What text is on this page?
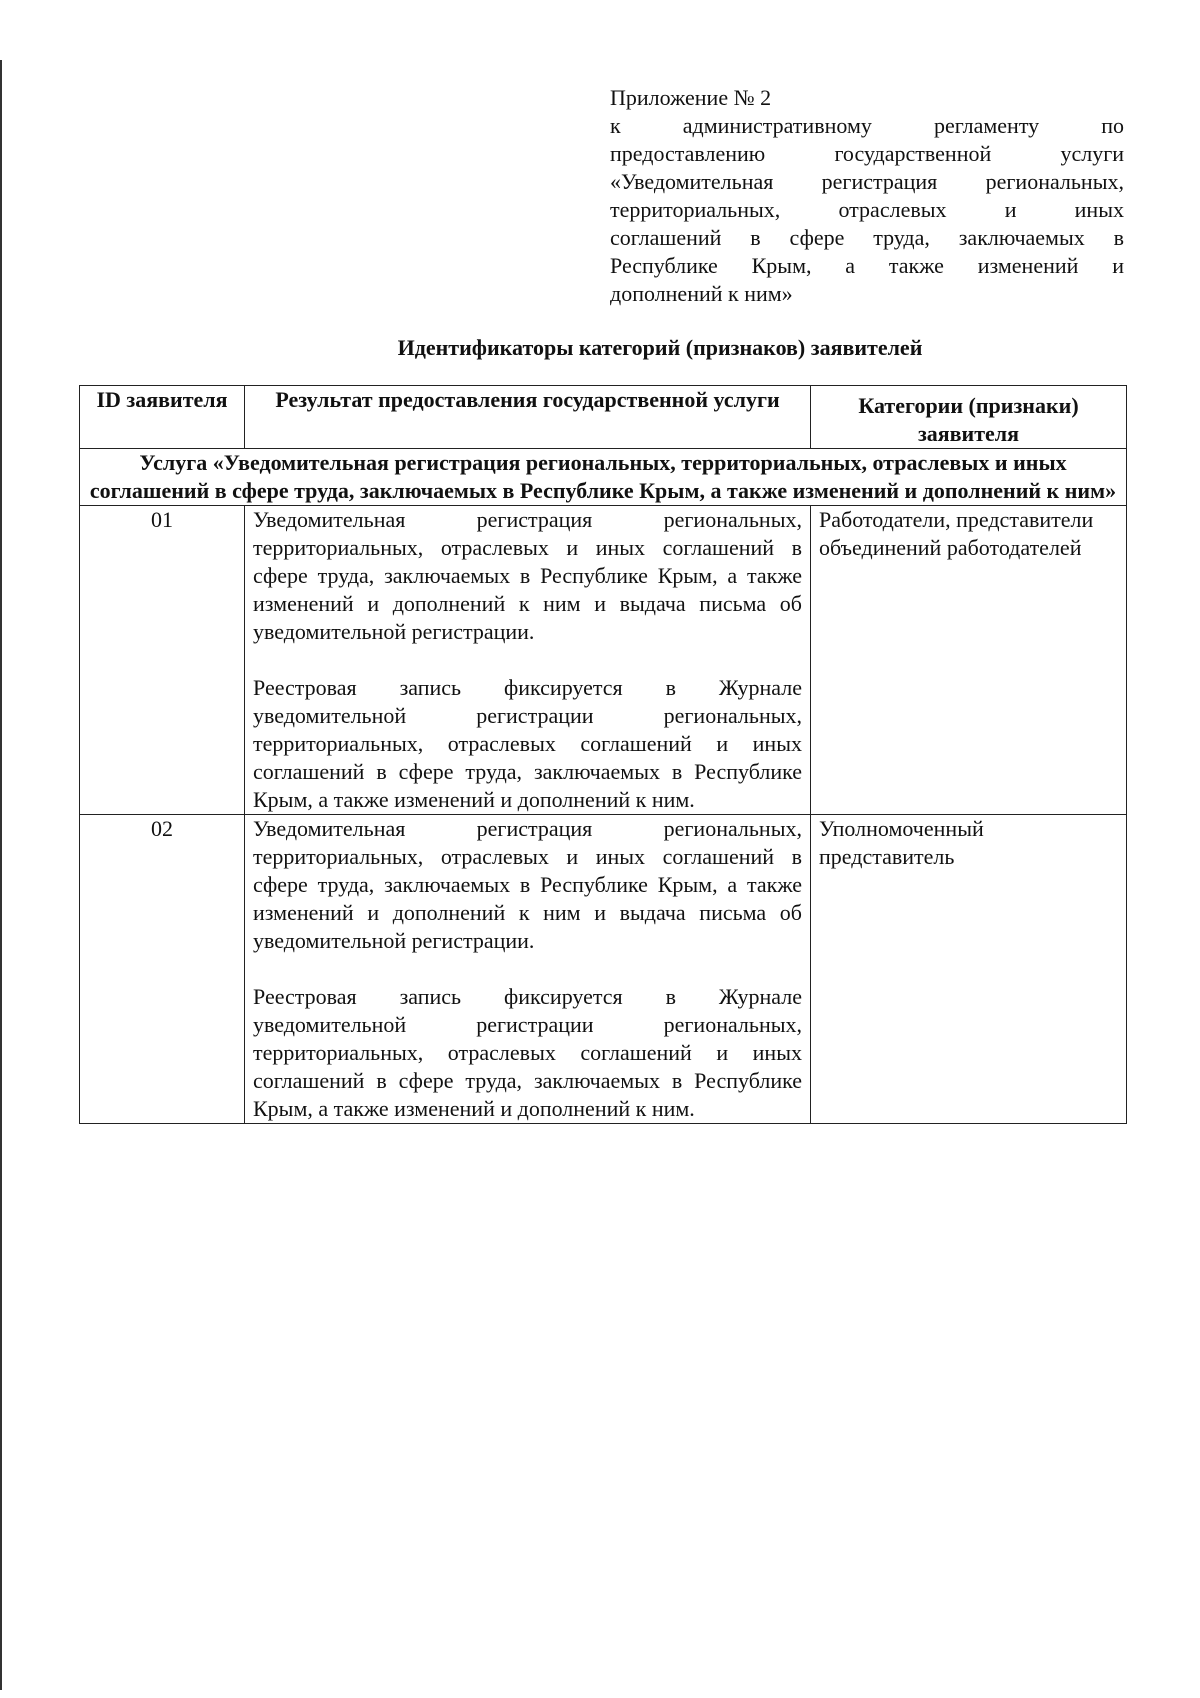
Приложение № 2
к административному регламенту по
предоставлению государственной услуги
«Уведомительная регистрация региональных,
территориальных, отраслевых и иных
соглашений в сфере труда, заключаемых в
Республике Крым, а также изменений и
дополнений к ним»
Идентификаторы категорий (признаков) заявителей
ID заявителя	Результат предоставления государственной услуги	Категории (признаки) заявителя
Услуга «Уведомительная регистрация региональных, территориальных, отраслевых и иных соглашений в сфере труда, заключаемых в Республике Крым, а также изменений и дополнений к ним»		
01	Уведомительная регистрация региональных, территориальных, отраслевых и иных соглашений в сфере труда, заключаемых в Республике Крым, а также изменений и дополнений к ним и выдача письма об уведомительной регистрации.

Реестровая запись фиксируется в Журнале уведомительной регистрации региональных, территориальных, отраслевых соглашений и иных соглашений в сфере труда, заключаемых в Республике Крым, а также изменений и дополнений к ним.	Работодатели, представители объединений работодателей
02	Уведомительная регистрация региональных, территориальных, отраслевых и иных соглашений в сфере труда, заключаемых в Республике Крым, а также изменений и дополнений к ним и выдача письма об уведомительной регистрации.

Реестровая запись фиксируется в Журнале уведомительной регистрации региональных, территориальных, отраслевых соглашений и иных соглашений в сфере труда, заключаемых в Республике Крым, а также изменений и дополнений к ним.	Уполномоченный представитель
